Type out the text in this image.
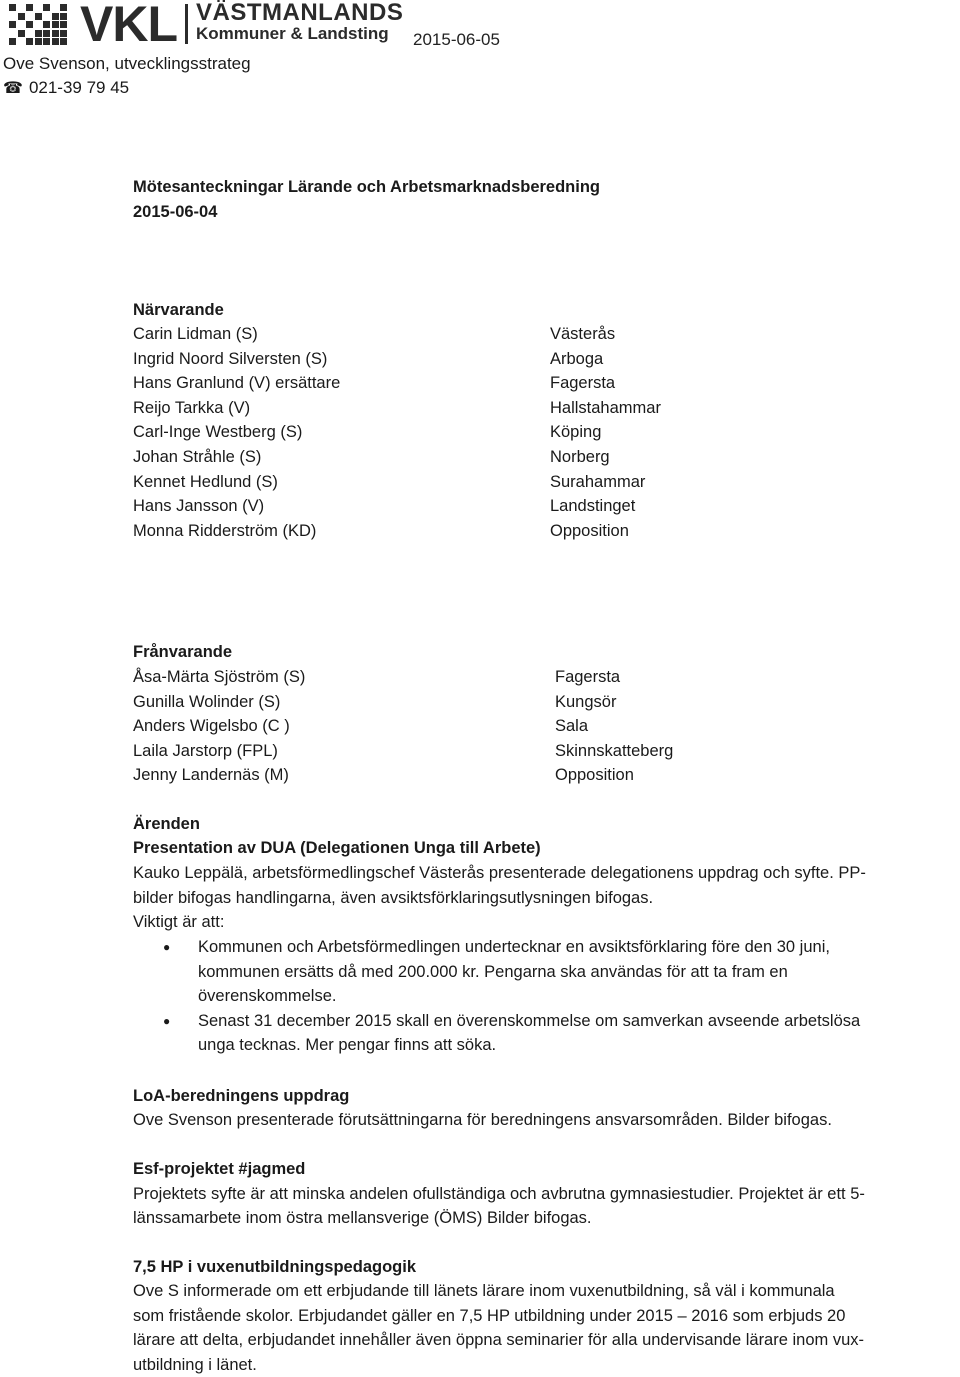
VKL VÄSTMANLANDS
Kommuner & Landsting	2015-06-05
Ove Svenson, utvecklingsstrateg
☎ 021-39 79 45
Mötesanteckningar Lärande och Arbetsmarknadsberedning
2015-06-04
Närvarande
Carin Lidman (S)
Ingrid Noord Silversten (S)
Hans Granlund (V) ersättare
Reijo Tarkka (V)
Carl-Inge Westberg (S)
Johan Stråhle (S)
Kennet Hedlund (S)
Hans Jansson (V)
Monna Ridderström (KD)
Västerås
Arboga
Fagersta
Hallstahammar
Köping
Norberg
Surahammar
Landstinget
Opposition
Frånvarande
Åsa-Märta Sjöström (S)
Gunilla Wolinder (S)
Anders Wigelsbo (C )
Laila Jarstorp (FPL)
Jenny Landernäs (M)
Fagersta
Kungsör
Sala
Skinnskatteberg
Opposition
Ärenden
Presentation av DUA (Delegationen Unga till Arbete)
Kauko Leppälä, arbetsförmedlingschef Västerås presenterade delegationens uppdrag och syfte. PP-
bilder bifogas handlingarna, även avsiktsförklaringsutlysningen bifogas.
Viktigt är att:
● Kommunen och Arbetsförmedlingen undertecknar en avsiktsförklaring före den 30 juni,
kommunen ersätts då med 200.000 kr. Pengarna ska användas för att ta fram en
överenskommelse.
● Senast 31 december 2015 skall en överenskommelse om samverkan avseende arbetslösa
unga tecknas. Mer pengar finns att söka.
LoA-beredningens uppdrag
Ove Svenson presenterade förutsättningarna för beredningens ansvarsområden. Bilder bifogas.
Esf-projektet #jagmed
Projektets syfte är att minska andelen ofullständiga och avbrutna gymnasiestudier. Projektet är ett 5-
länssamarbete inom östra mellansverige (ÖMS) Bilder bifogas.
7,5 HP i vuxenutbildningspedagogik
Ove S informerade om ett erbjudande till länets lärare inom vuxenutbildning, så väl i kommunala
som fristående skolor. Erbjudandet gäller en 7,5 HP utbildning under 2015 – 2016 som erbjuds 20
lärare att delta, erbjudandet innehåller även öppna seminarier för alla undervisande lärare inom vux-
utbildning i länet.
